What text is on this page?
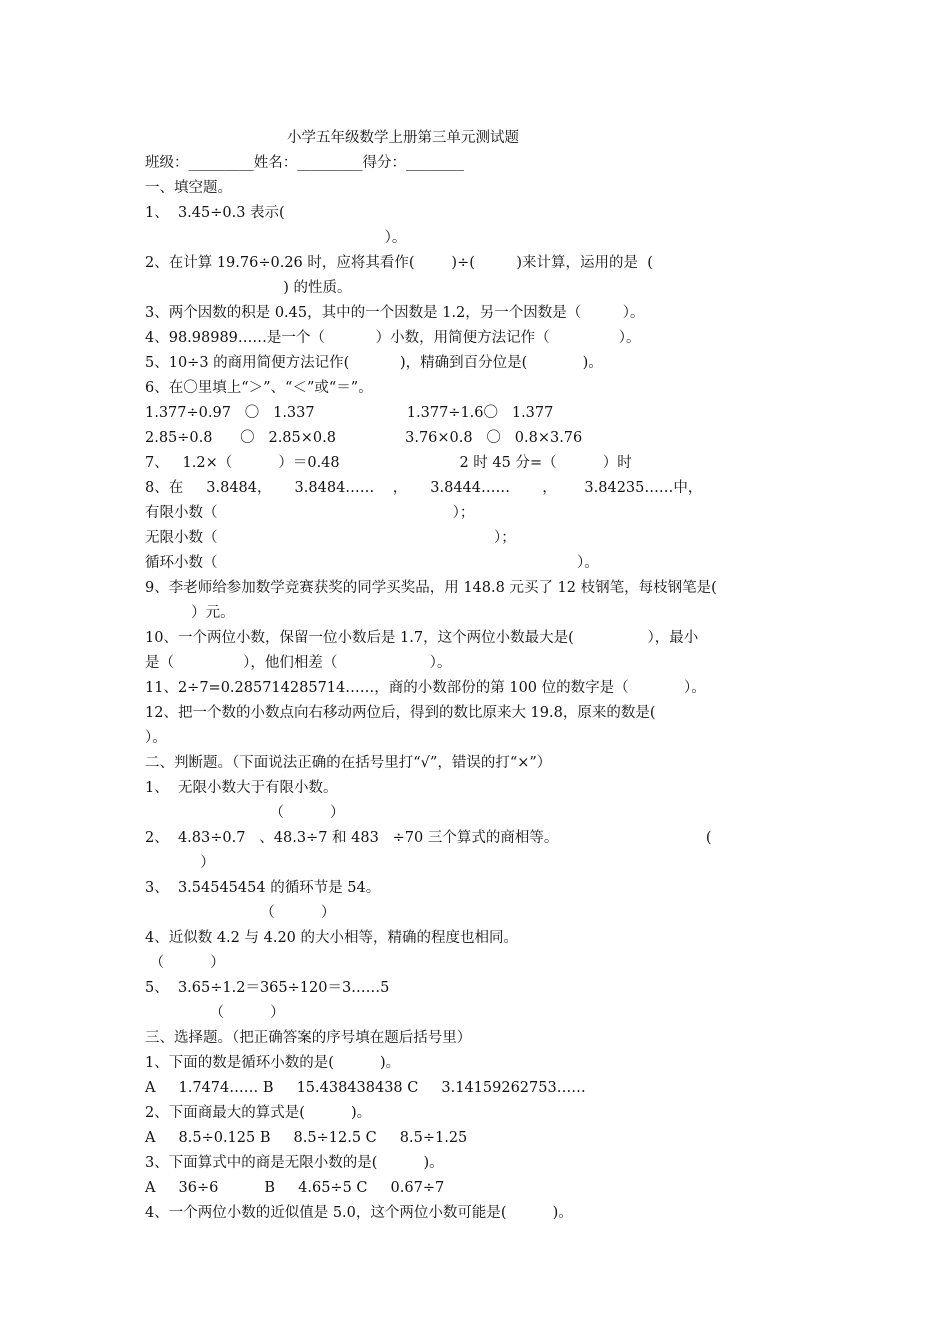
小学五年级数学上册第三单元测试题
班级：_________姓名：_________得分：________
一、填空题。
1、  3.45÷0.3 表示(
）。
2、在计算 19.76÷0.26 时，应将其看作(        )÷(         )来计算，运用的是  (
) 的性质。
3、两个因数的积是 0.45，其中的一个因数是 1.2，另一个因数是（         ）。
4、98.98989……是一个（           ）小数，用简便方法记作（               ）。
5、10÷3 的商用简便方法记作(           )，精确到百分位是(            )。
6、在〇里填上“＞”、“＜”或“＝”。
1.377÷0.97   〇   1.337                    1.377÷1.6〇   1.377
2.85÷0.8      〇   2.85×0.8               3.76×0.8   〇   0.8×3.76
7、   1.2×（          ）＝0.48                          2 时 45 分=（          ）时
8、在     3.8484，     3.8484……    ，     3.8444……       ，      3.84235……中，
有限小数（                                                   ）；
无限小数（                                                            ）；
循环小数（                                                                              ）。
9、李老师给参加数学竞赛获奖的同学买奖品，用 148.8 元买了 12 枝钢笔，每枝钢笔是(
）元。
10、一个两位小数，保留一位小数后是 1.7，这个两位小数最大是(                ），最小
是（               ），他们相差（                    ）。
11、2÷7=0.285714285714……，商的小数部份的第 100 位的数字是（            ）。
12、把一个数的小数点向右移动两位后，得到的数比原来大 19.8，原来的数是(
）。
二、判断题。（下面说法正确的在括号里打“√”，错误的打“×”）
1、  无限小数大于有限小数。
（          ）
2、  4.83÷0.7   、48.3÷7 和 483   ÷70 三个算式的商相等。                                (
）
3、  3.54545454 的循环节是 54。
（          ）
4、近似数 4.2 与 4.20 的大小相等，精确的程度也相同。
（          ）
5、  3.65÷1.2＝365÷120＝3……5
（          ）
三、选择题。（把正确答案的序号填在题后括号里）
1、下面的数是循环小数的是(          )。
A     1.7474…… B     15.438438438 C     3.14159262753……
2、下面商最大的算式是(          )。
A     8.5÷0.125 B     8.5÷12.5 C     8.5÷1.25
3、下面算式中的商是无限小数的是(          )。
A     36÷6          B     4.65÷5 C     0.67÷7
4、一个两位小数的近似值是 5.0，这个两位小数可能是(          )。
